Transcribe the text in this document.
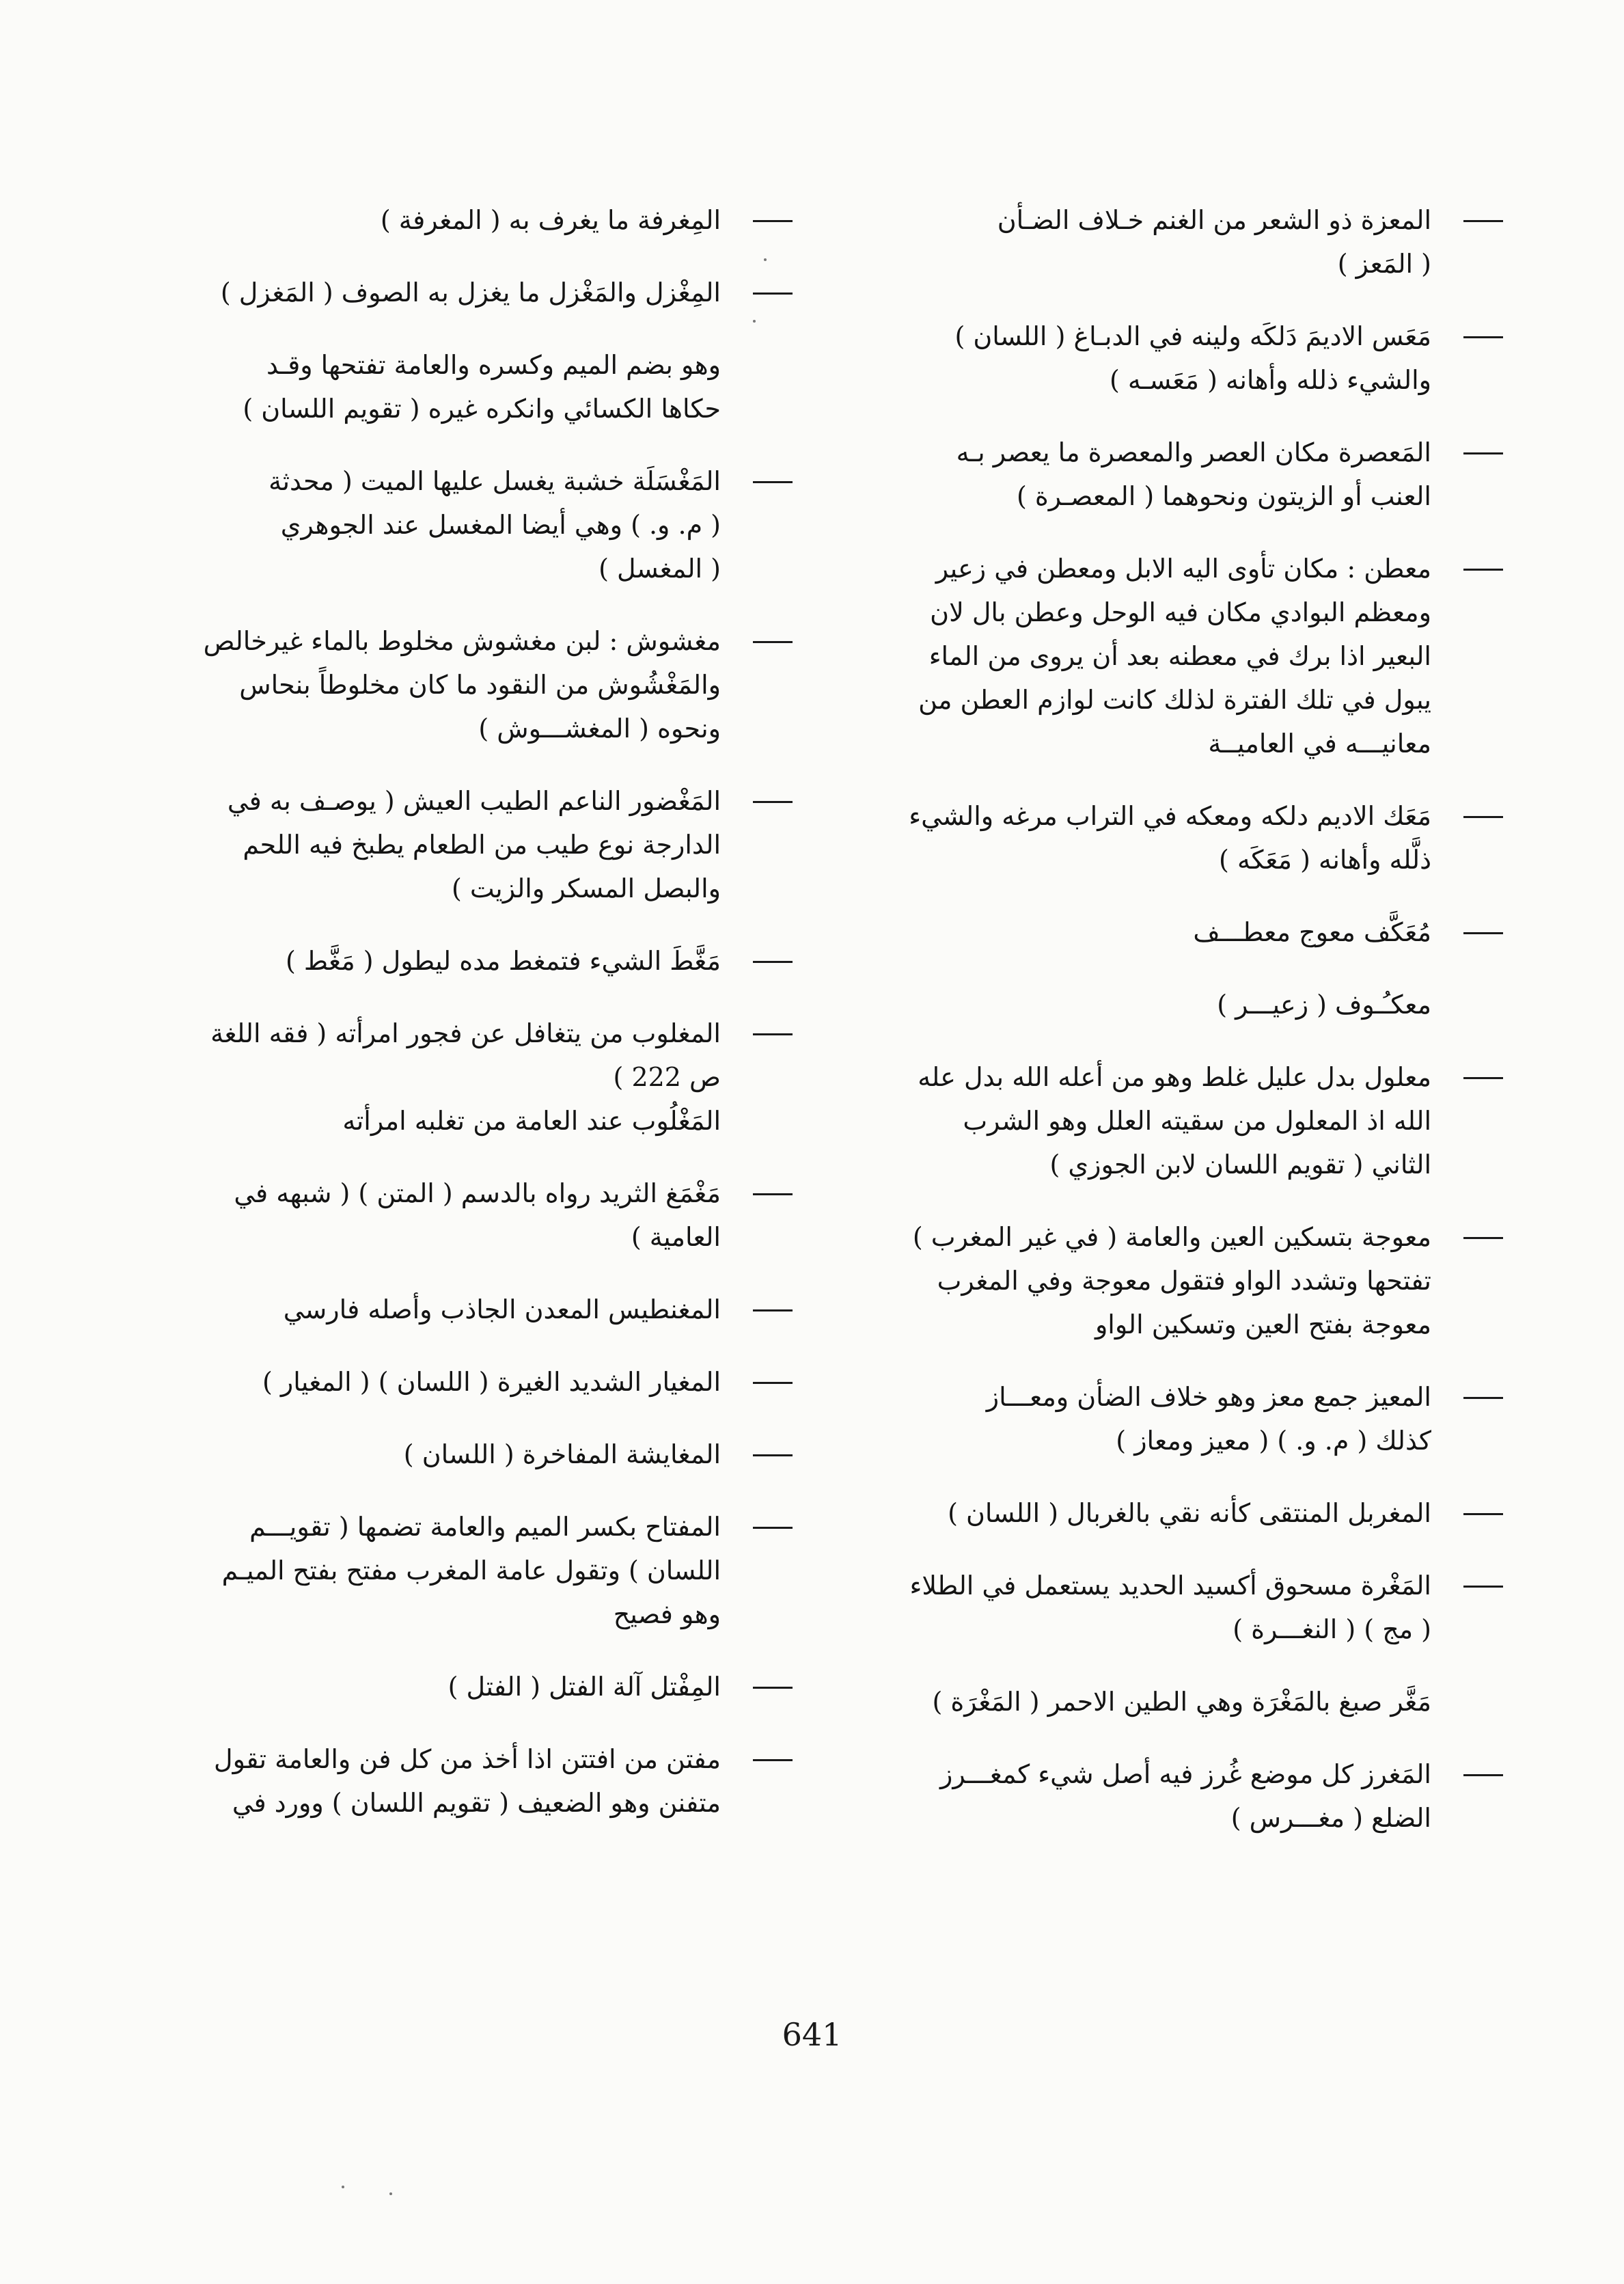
المعزة ذو الشعر من الغنم خـلاف الضـأن
( المَعز )
مَعَس الاديمَ دَلكَه ولينه في الدبـاغ ( اللسان )
والشيء ذلله وأهانه ( مَعَسـه )
المَعصرة مكان العصر والمعصرة ما يعصر بـه
العنب أو الزيتون ونحوهما ( المعصـرة )
معطن : مكان تأوى اليه الابل ومعطن في زعير
ومعظم البوادي مكان فيه الوحل وعطن بال لان
البعير اذا برك في معطنه بعد أن يروى من الماء
يبول في تلك الفترة لذلك كانت لوازم العطن من
معانيـــه في العاميــة
مَعَك الاديم دلكه ومعكه في التراب مرغه والشيء
ذلَّله وأهانه ( مَعَكَه )
مُعَكَّف معوج معطـــف
معكـُـوف ( زعيـــر )
معلول بدل عليل غلط وهو من أعله الله بدل عله
الله اذ المعلول من سقيته العلل وهو الشرب
الثاني ( تقويم اللسان لابن الجوزي )
معوجة بتسكين العين والعامة ( في غير المغرب )
تفتحها وتشدد الواو فتقول معوجة وفي المغرب
معوجة بفتح العين وتسكين الواو
المعيز جمع معز وهو خلاف الضأن ومعـــاز
كذلك ( م. و. ) ( معيز ومعاز )
المغربل المنتقى كأنه نقي بالغربال ( اللسان )
المَغْرة مسحوق أكسيد الحديد يستعمل في الطلاء
( مج ) ( النغـــرة )
مَغَّر صبغ بالمَغْرَة وهي الطين الاحمر ( المَغْرَة )
المَغرز كل موضع غُرز فيه أصل شيء كمغـــرز
الضلع ( مغـــرس )
المِغرفة ما يغرف به ( المغرفة )
المِغْزل والمَغْزل ما يغزل به الصوف ( المَغزل )
وهو بضم الميم وكسره والعامة تفتحها وقـد
حكاها الكسائي وانكره غيره ( تقويم اللسان )
المَغْسَلَة خشبة يغسل عليها الميت ( محدثة
( م. و. ) وهي أيضا المغسل عند الجوهري
( المغسل )
مغشوش : لبن مغشوش مخلوط بالماء غيرخالص
والمَغْشُوش من النقود ما كان مخلوطاً بنحاس
ونحوه ( المغشـــوش )
المَغْضور الناعم الطيب العيش ( يوصـف به في
الدارجة نوع طيب من الطعام يطبخ فيه اللحم
والبصل المسكر والزيت )
مَغَّطَ الشيء فتمغط مده ليطول ( مَغَّط )
المغلوب من يتغافل عن فجور امرأته ( فقه اللغة
ص 222 )
المَغْلُوب عند العامة من تغلبه امرأته
مَغْمَغ الثريد رواه بالدسم ( المتن ) ( شبهه في
العامية )
المغنطيس المعدن الجاذب وأصله فارسي
المغيار الشديد الغيرة ( اللسان ) ( المغيار )
المغايشة المفاخرة ( اللسان )
المفتاح بكسر الميم والعامة تضمها ( تقويـــم
اللسان ) وتقول عامة المغرب مفتح بفتح الميـم
وهو فصيح
المِفْتل آلة الفتل ( الفتل )
مفتن من افتتن اذا أخذ من كل فن والعامة تقول
متفنن وهو الضعيف ( تقويم اللسان ) وورد في
641
